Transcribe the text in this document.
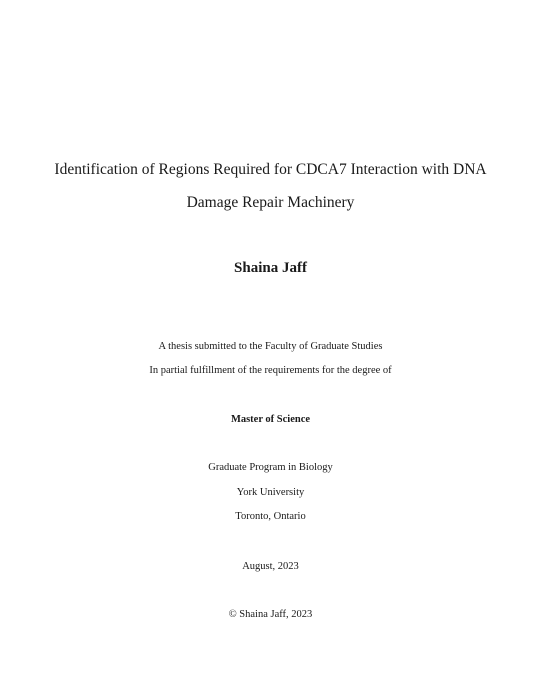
Identification of Regions Required for CDCA7 Interaction with DNA
Damage Repair Machinery
Shaina Jaff
A thesis submitted to the Faculty of Graduate Studies
In partial fulfillment of the requirements for the degree of
Master of Science
Graduate Program in Biology
York University
Toronto, Ontario
August, 2023
© Shaina Jaff, 2023
